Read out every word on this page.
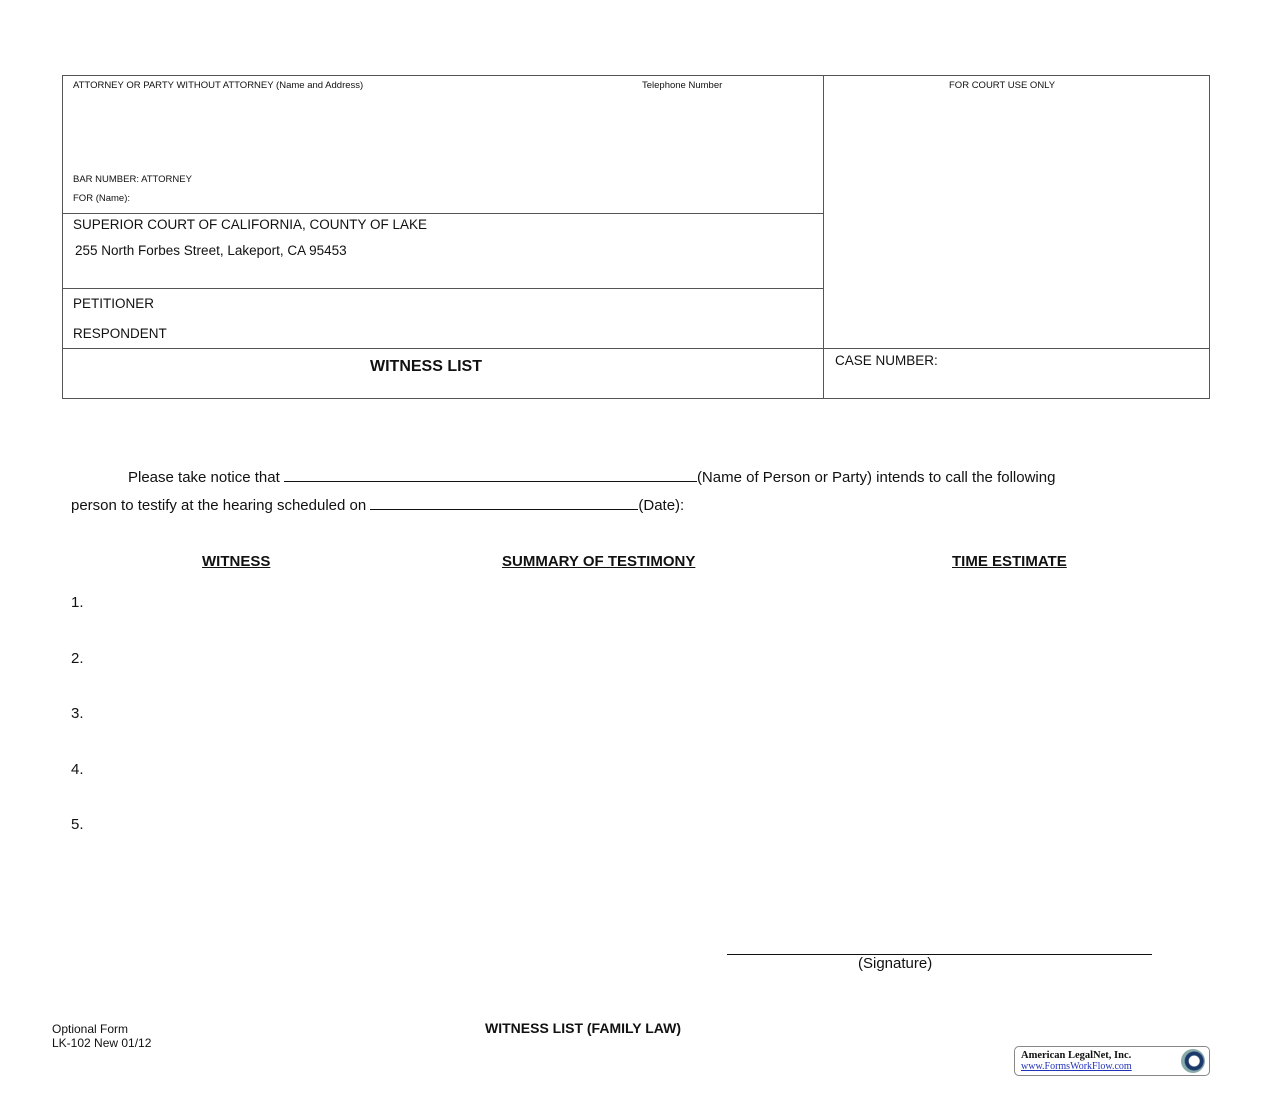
ATTORNEY OR PARTY WITHOUT ATTORNEY (Name and Address)	Telephone Number	FOR COURT USE ONLY
BAR NUMBER: ATTORNEY
FOR (Name):
SUPERIOR COURT OF CALIFORNIA, COUNTY OF LAKE
255 North Forbes Street, Lakeport, CA 95453
PETITIONER
RESPONDENT
WITNESS LIST	CASE NUMBER:
Please take notice that	(Name of Person or Party) intends to call the following
person to testify at the hearing scheduled on	(Date):
WITNESS	SUMMARY OF TESTIMONY	TIME ESTIMATE
1.
2.
3.
4.
5.
(Signature)
Optional Form
LK-102 New 01/12
WITNESS LIST (FAMILY LAW)
American LegalNet, Inc.
www.FormsWorkFlow.com
